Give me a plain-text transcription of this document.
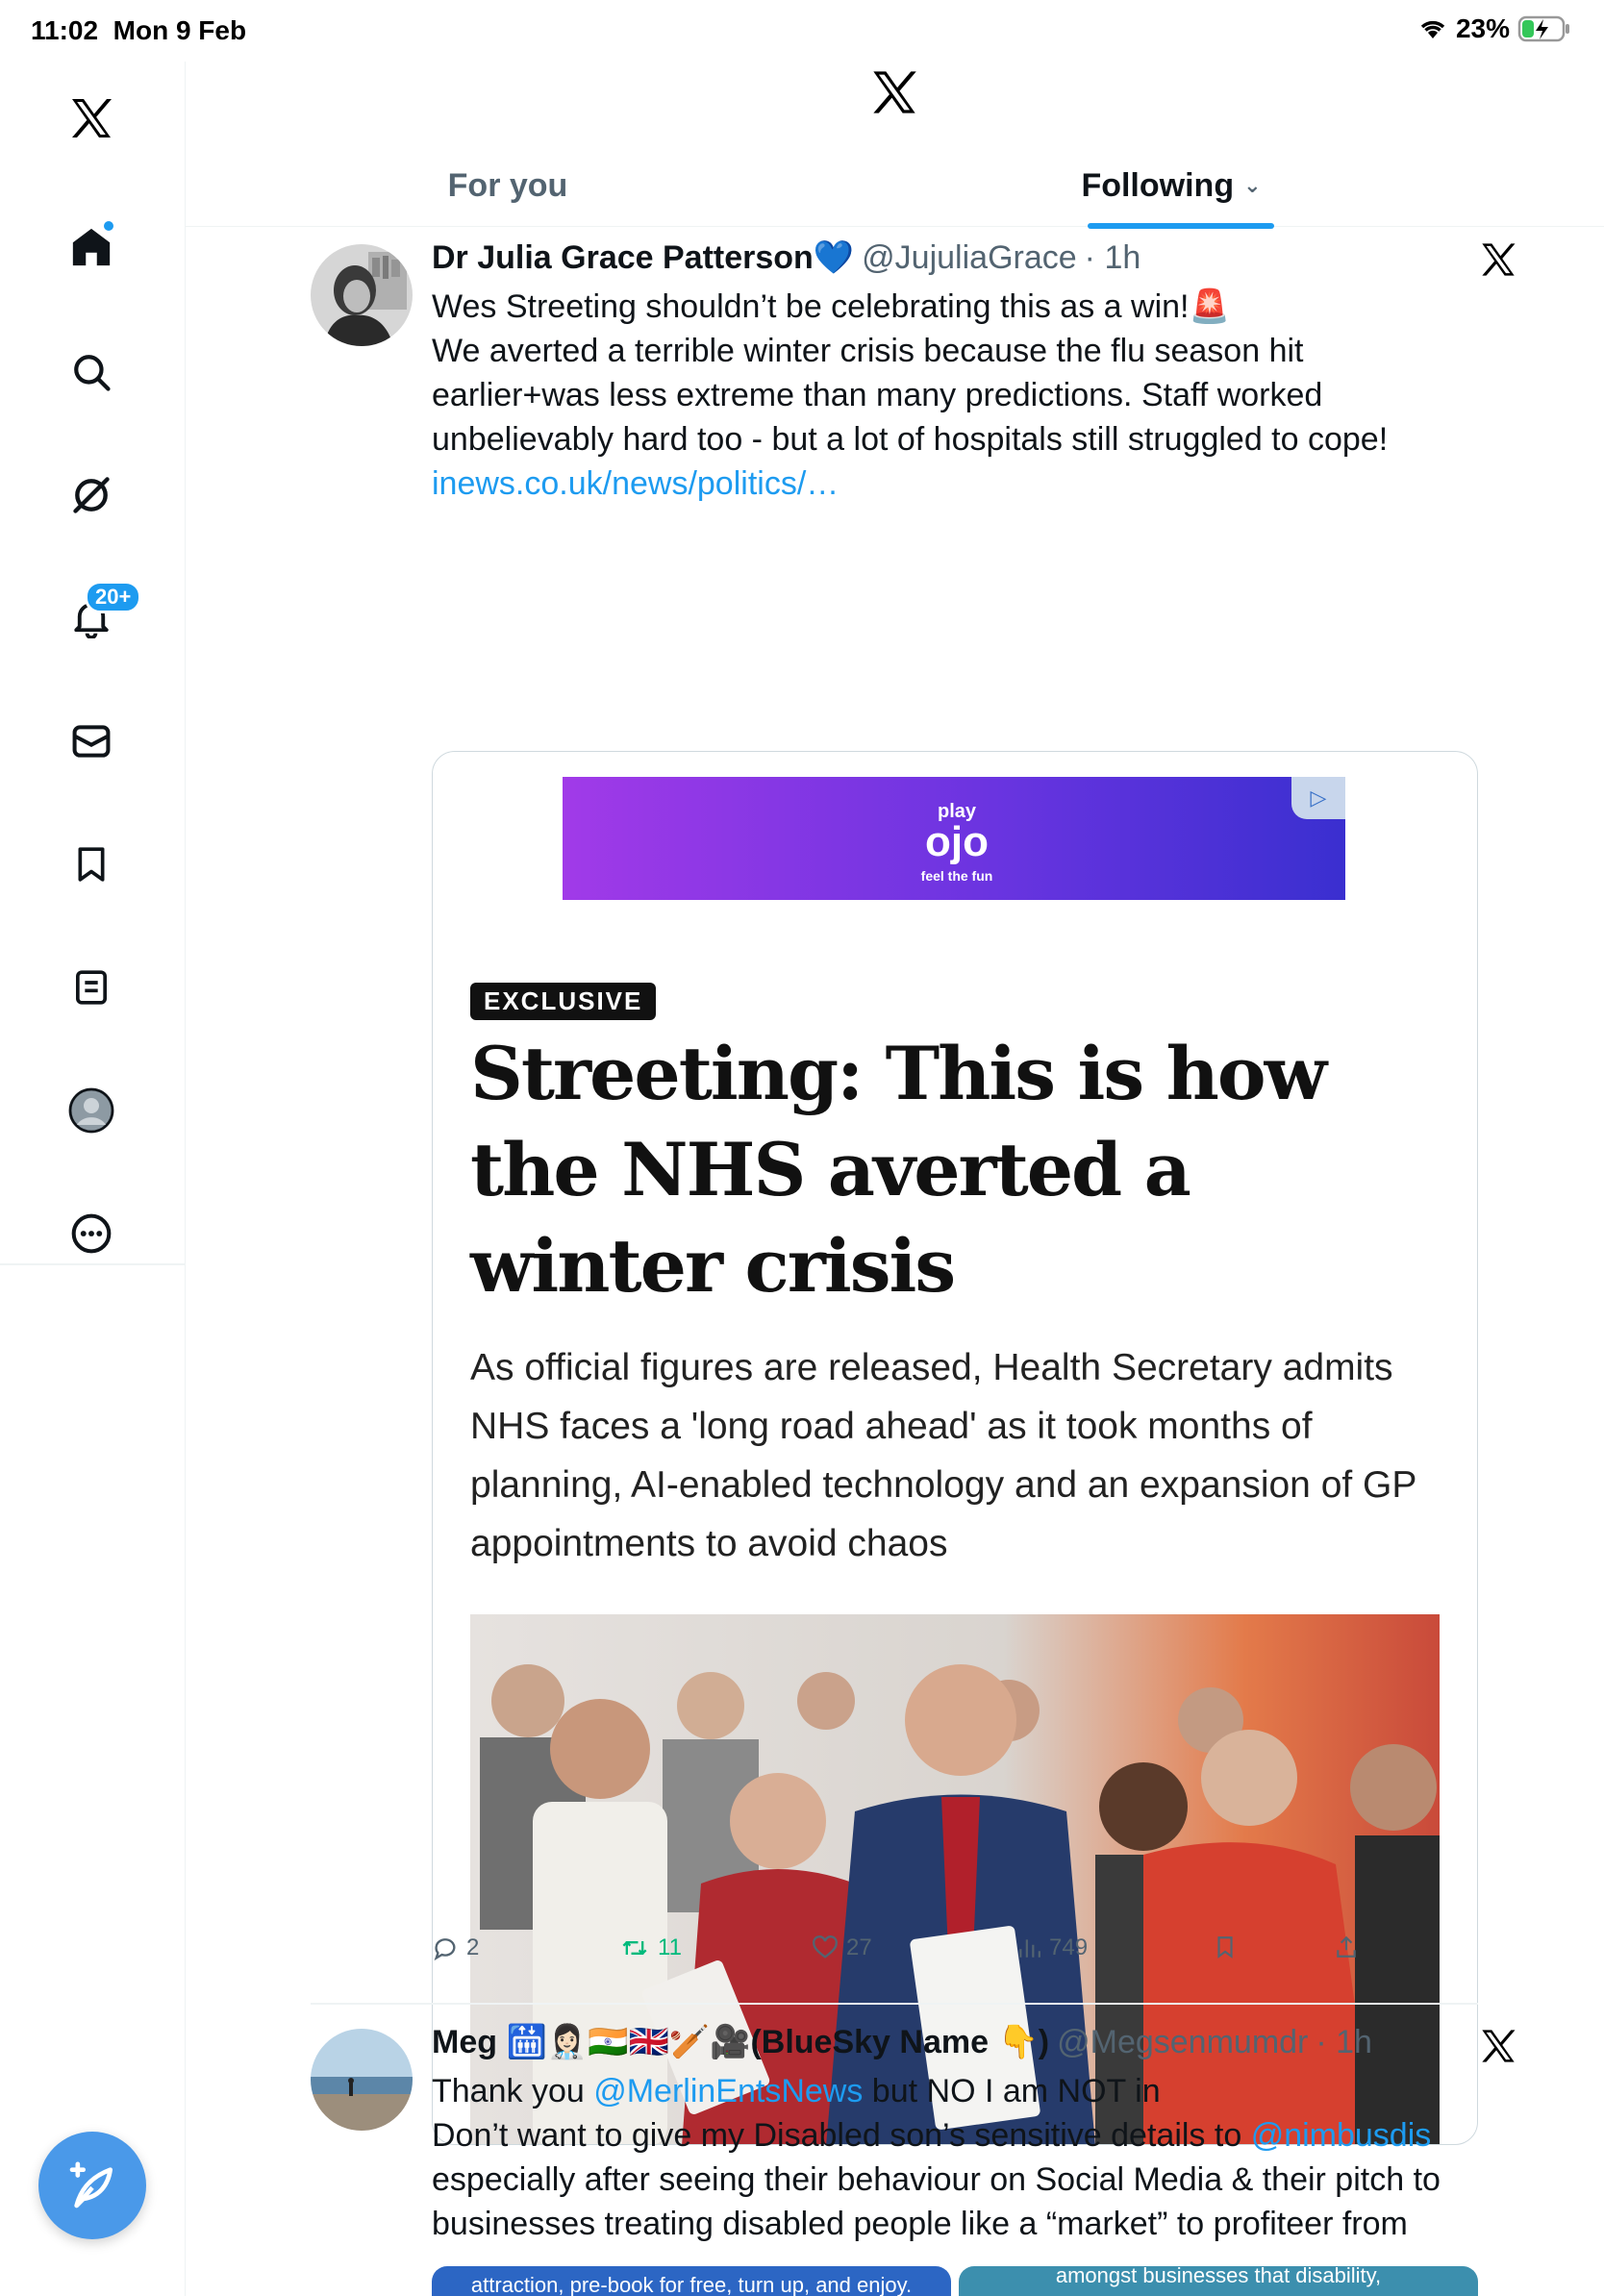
11:02 Mon 9 Feb	23%
20+
For you	Following ⌄
Dr Julia Grace Patterson💙 @JujuliaGrace · 1h
Wes Streeting shouldn’t be celebrating this as a win!🚨
We averted a terrible winter crisis because the flu season hit earlier+was less extreme than many predictions. Staff worked unbelievably hard too - but a lot of hospitals still struggled to cope!
inews.co.uk/news/politics/…
play
ojo
feel the fun
▷
EXCLUSIVE
Streeting: This is how the NHS averted a winter crisis
As official figures are released, Health Secretary admits NHS faces a 'long road ahead' as it took months of planning, AI-enabled technology and an expansion of GP appointments to avoid chaos
2	11	27	749
Meg 🛗👩🏻‍⚕️🇮🇳🇬🇧🏏🎥(BlueSky Name 👇) @Megsenmumdr · 1h
Thank you @MerlinEntsNews but NO I am NOT in
Don’t want to give my Disabled son’s sensitive details to @nimbusdis
especially after seeing their behaviour on Social Media & their pitch to businesses treating disabled people like a “market” to profiteer from
attraction, pre-book for free, turn up, and enjoy.	amongst businesses that disability,
